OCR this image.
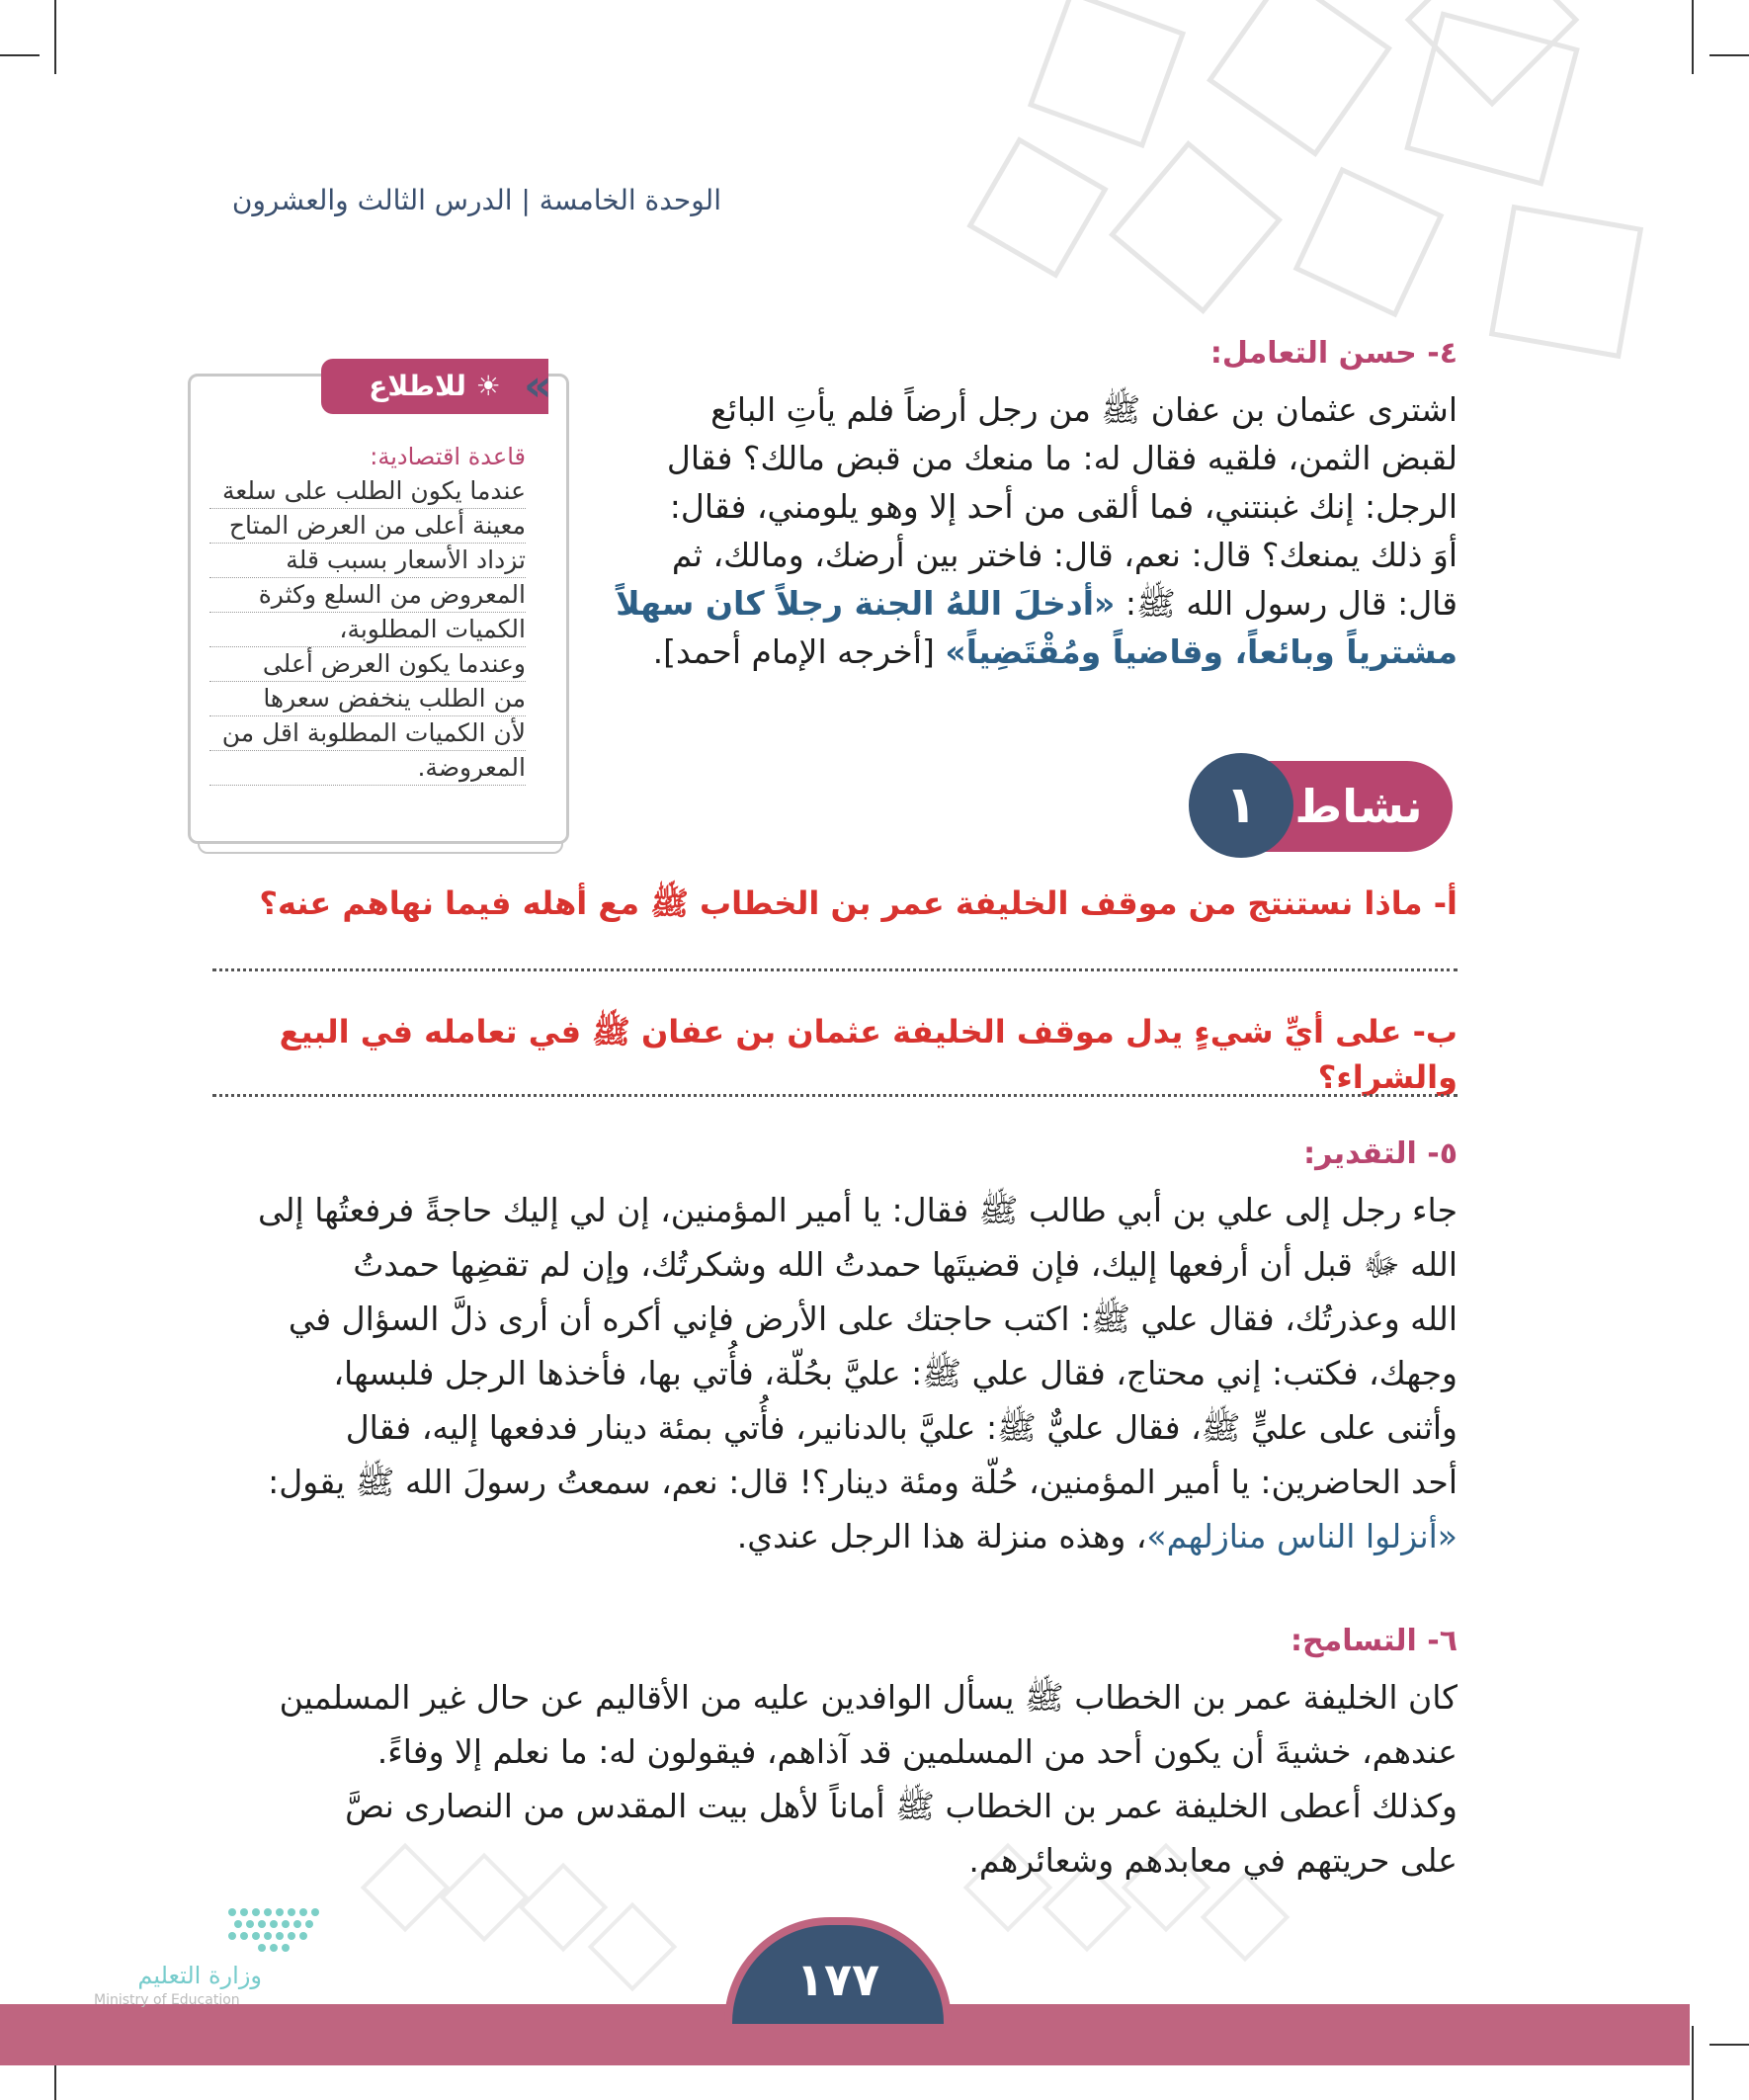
الوحدة الخامسة | الدرس الثالث والعشرون
☀ للاطلاع	«
قاعدة اقتصادية:
عندما يكون الطلب على سلعة
معينة أعلى من العرض المتاح
تزداد الأسعار بسبب قلة
المعروض من السلع وكثرة
الكميات المطلوبة،
وعندما يكون العرض أعلى
من الطلب ينخفض سعرها
لأن الكميات المطلوبة اقل من
المعروضة.
٤- حسن التعامل:
اشترى عثمان بن عفان ﷺ من رجل أرضاً فلم يأتِ البائع
لقبض الثمن، فلقيه فقال له: ما منعك من قبض مالك؟ فقال
الرجل: إنك غبنتني، فما ألقى من أحد إلا وهو يلومني، فقال:
أوَ ذلك يمنعك؟ قال: نعم، قال: فاختر بين أرضك، ومالك، ثم
قال: قال رسول الله ﷺ: «أدخلَ اللهُ الجنة رجلاً كان سهلاً
مشترياً وبائعاً، وقاضياً ومُقْتَضِياً» [أخرجه الإمام أحمد].
نشاط
١
أ- ماذا نستنتج من موقف الخليفة عمر بن الخطاب ﷺ مع أهله فيما نهاهم عنه؟
ب- على أيِّ شيءٍ يدل موقف الخليفة عثمان بن عفان ﷺ في تعامله في البيع والشراء؟
٥- التقدير:
جاء رجل إلى علي بن أبي طالب ﷺ فقال: يا أمير المؤمنين، إن لي إليك حاجةً فرفعتُها إلى
الله ﷻ قبل أن أرفعها إليك، فإن قضيتَها حمدتُ الله وشكرتُك، وإن لم تقضِها حمدتُ
الله وعذرتُك، فقال علي ﷺ: اكتب حاجتك على الأرض فإني أكره أن أرى ذلَّ السؤال في
وجهك، فكتب: إني محتاج، فقال علي ﷺ: عليَّ بحُلّة، فأُتي بها، فأخذها الرجل فلبسها،
وأثنى على عليٍّ ﷺ، فقال عليٌّ ﷺ: عليَّ بالدنانير، فأُتي بمئة دينار فدفعها إليه، فقال
أحد الحاضرين: يا أمير المؤمنين، حُلّة ومئة دينار؟! قال: نعم، سمعتُ رسولَ الله ﷺ يقول:
«أنزلوا الناس منازلهم»، وهذه منزلة هذا الرجل عندي.
٦- التسامح:
كان الخليفة عمر بن الخطاب ﷺ يسأل الوافدين عليه من الأقاليم عن حال غير المسلمين
عندهم، خشيةَ أن يكون أحد من المسلمين قد آذاهم، فيقولون له: ما نعلم إلا وفاءً.
وكذلك أعطى الخليفة عمر بن الخطاب ﷺ أماناً لأهل بيت المقدس من النصارى نصَّ
على حريتهم في معابدهم وشعائرهم.
١٧٧
وزارة التعليم
Ministry of Education
